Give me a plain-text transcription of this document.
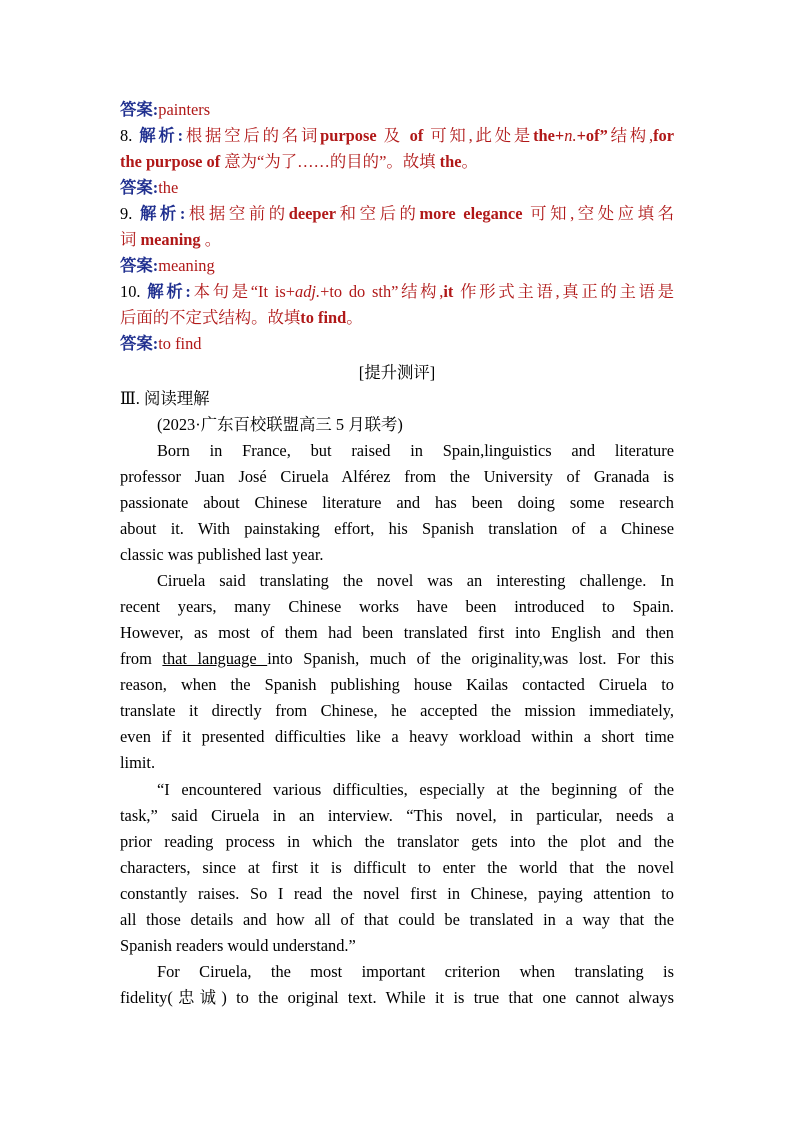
答案:painters
8. 解析:根据空后的名词purpose 及 of 可知,此处是the+n.+of”结构,for
the purpose of 意为“为了……的目的”。故填 the。
答案:the
9. 解析:根据空前的deeper和空后的more elegance 可知,空处应填名
词 meaning 。
答案:meaning
10. 解析:本句是“It is+adj.+to do sth”结构,it 作形式主语,真正的主语是
后面的不定式结构。故填to find。
答案:to find
[提升测评]
Ⅲ. 阅读理解
(2023·广东百校联盟高三 5 月联考)
Born in France, but raised in Spain,linguistics and literature
professor Juan José Ciruela Alférez from the University of Granada is
passionate about Chinese literature and has been doing some research
about it. With painstaking effort, his Spanish translation of a Chinese
classic was published last year.
Ciruela said translating the novel was an interesting challenge. In
recent years, many Chinese works have been introduced to Spain.
However, as most of them had been translated first into English and then
from that language into Spanish, much of the originality,was lost. For this
reason, when the Spanish publishing house Kailas contacted Ciruela to
translate it directly from Chinese, he accepted the mission immediately,
even if it presented difficulties like a heavy workload within a short time
limit.
“I encountered various difficulties, especially at the beginning of the
task,” said Ciruela in an interview. “This novel, in particular, needs a
prior reading process in which the translator gets into the plot and the
characters, since at first it is difficult to enter the world that the novel
constantly raises. So I read the novel first in Chinese, paying attention to
all those details and how all of that could be translated in a way that the
Spanish readers would understand.”
For Ciruela, the most important criterion when translating is
fidelity(忠诚) to the original text. While it is true that one cannot always
